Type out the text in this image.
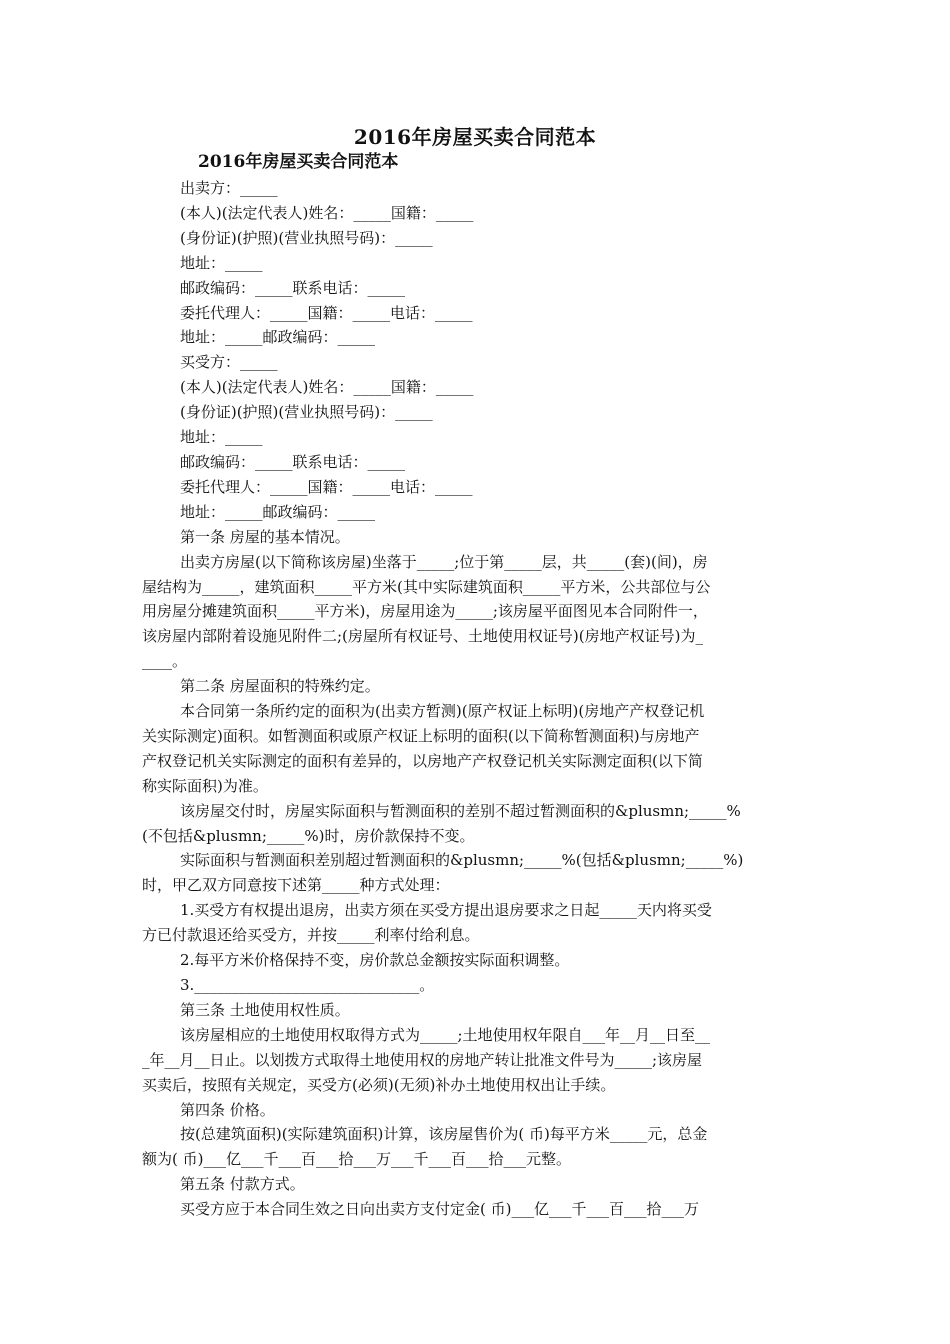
2016年房屋买卖合同范本
2016年房屋买卖合同范本

出卖方：_____

(本人)(法定代表人)姓名：_____国籍：_____

(身份证)(护照)(营业执照号码)：_____

地址：_____

邮政编码：_____联系电话：_____

委托代理人：_____国籍：_____电话：_____

地址：_____邮政编码：_____

买受方：_____

(本人)(法定代表人)姓名：_____国籍：_____

(身份证)(护照)(营业执照号码)：_____

地址：_____

邮政编码：_____联系电话：_____

委托代理人：_____国籍：_____电话：_____

地址：_____邮政编码：_____

第一条 房屋的基本情况。

出卖方房屋(以下简称该房屋)坐落于_____;位于第_____层，共_____(套)(间)，房

屋结构为_____，建筑面积_____平方米(其中实际建筑面积_____平方米，公共部位与公

用房屋分摊建筑面积_____平方米)，房屋用途为_____;该房屋平面图见本合同附件一，

该房屋内部附着设施见附件二;(房屋所有权证号、土地使用权证号)(房地产权证号)为_

____。

第二条 房屋面积的特殊约定。

本合同第一条所约定的面积为(出卖方暂测)(原产权证上标明)(房地产产权登记机

关实际测定)面积。如暂测面积或原产权证上标明的面积(以下简称暂测面积)与房地产

产权登记机关实际测定的面积有差异的，以房地产产权登记机关实际测定面积(以下简

称实际面积)为准。

该房屋交付时，房屋实际面积与暂测面积的差别不超过暂测面积的&plusmn;_____%

(不包括&plusmn;_____%)时，房价款保持不变。

实际面积与暂测面积差别超过暂测面积的&plusmn;_____%(包括&plusmn;_____%)

时，甲乙双方同意按下述第_____种方式处理：

1.买受方有权提出退房，出卖方须在买受方提出退房要求之日起_____天内将买受

方已付款退还给买受方，并按_____利率付给利息。

2.每平方米价格保持不变，房价款总金额按实际面积调整。

3.______________________________。

第三条 土地使用权性质。

该房屋相应的土地使用权取得方式为_____;土地使用权年限自___年__月__日至__

_年__月__日止。以划拨方式取得土地使用权的房地产转让批准文件号为_____;该房屋

买卖后，按照有关规定，买受方(必须)(无须)补办土地使用权出让手续。

第四条 价格。

按(总建筑面积)(实际建筑面积)计算，该房屋售价为( 币)每平方米_____元，总金

额为( 币)___亿___千___百___拾___万___千___百___拾___元整。

第五条 付款方式。

买受方应于本合同生效之日向出卖方支付定金( 币)___亿___千___百___拾___万
